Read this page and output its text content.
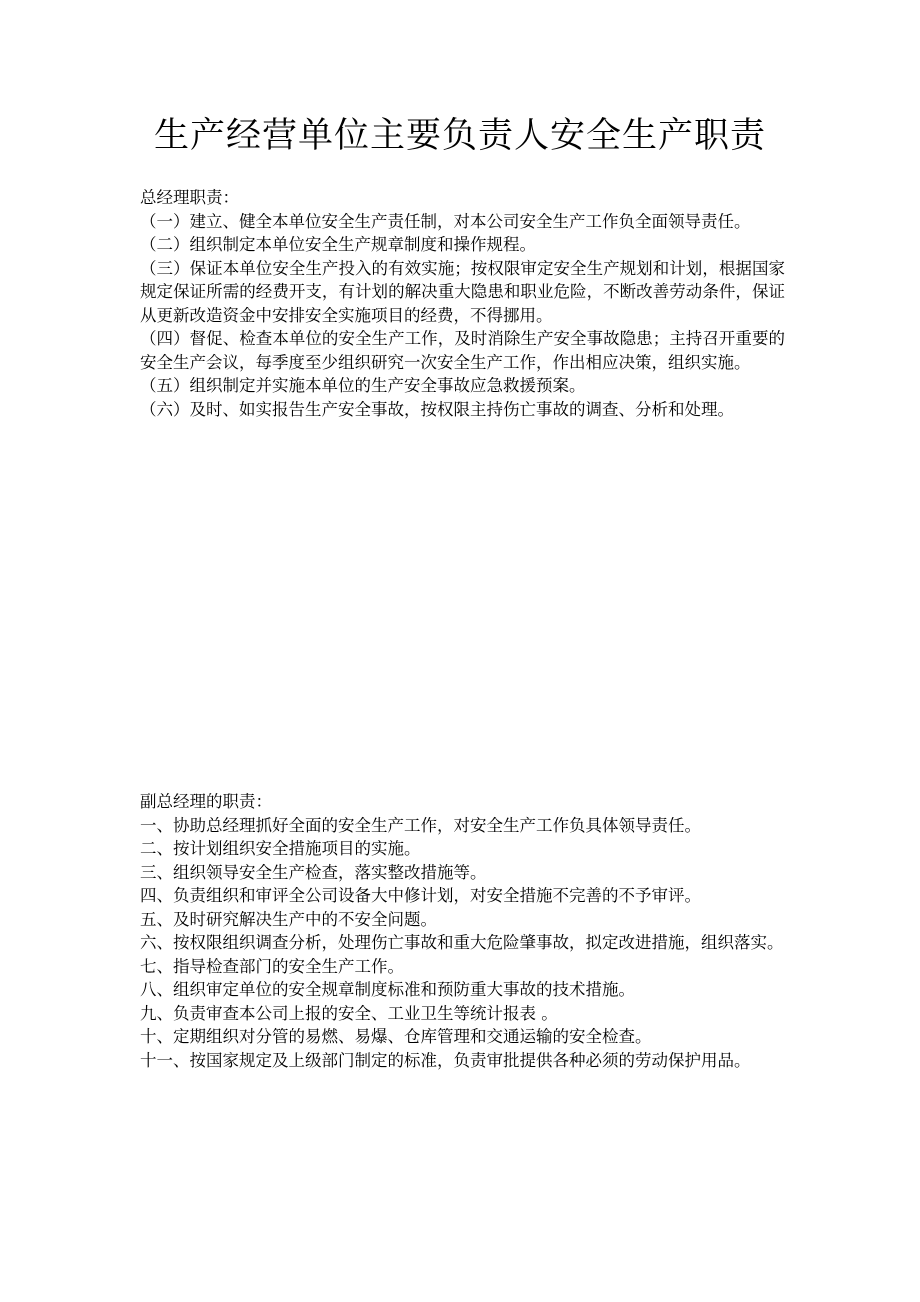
生产经营单位主要负责人安全生产职责

总经理职责：

（一）建立、健全本单位安全生产责任制，对本公司安全生产工作负全面领导责任。

（二）组织制定本单位安全生产规章制度和操作规程。

（三）保证本单位安全生产投入的有效实施；按权限审定安全生产规划和计划，根据国家规定保证所需的经费开支，有计划的解决重大隐患和职业危险，不断改善劳动条件，保证从更新改造资金中安排安全实施项目的经费，不得挪用。

（四）督促、检查本单位的安全生产工作，及时消除生产安全事故隐患；主持召开重要的安全生产会议，每季度至少组织研究一次安全生产工作，作出相应决策，组织实施。

（五）组织制定并实施本单位的生产安全事故应急救援预案。

（六）及时、如实报告生产安全事故，按权限主持伤亡事故的调查、分析和处理。

副总经理的职责：

一、协助总经理抓好全面的安全生产工作，对安全生产工作负具体领导责任。

二、按计划组织安全措施项目的实施。

三、组织领导安全生产检查，落实整改措施等。

四、负责组织和审评全公司设备大中修计划，对安全措施不完善的不予审评。

五、及时研究解决生产中的不安全问题。

六、按权限组织调查分析，处理伤亡事故和重大危险肇事故，拟定改进措施，组织落实。

七、指导检查部门的安全生产工作。

八、组织审定单位的安全规章制度标准和预防重大事故的技术措施。

九、负责审查本公司上报的安全、工业卫生等统计报表 。

十、定期组织对分管的易燃、易爆、仓库管理和交通运输的安全检查。

十一、按国家规定及上级部门制定的标准，负责审批提供各种必须的劳动保护用品。
